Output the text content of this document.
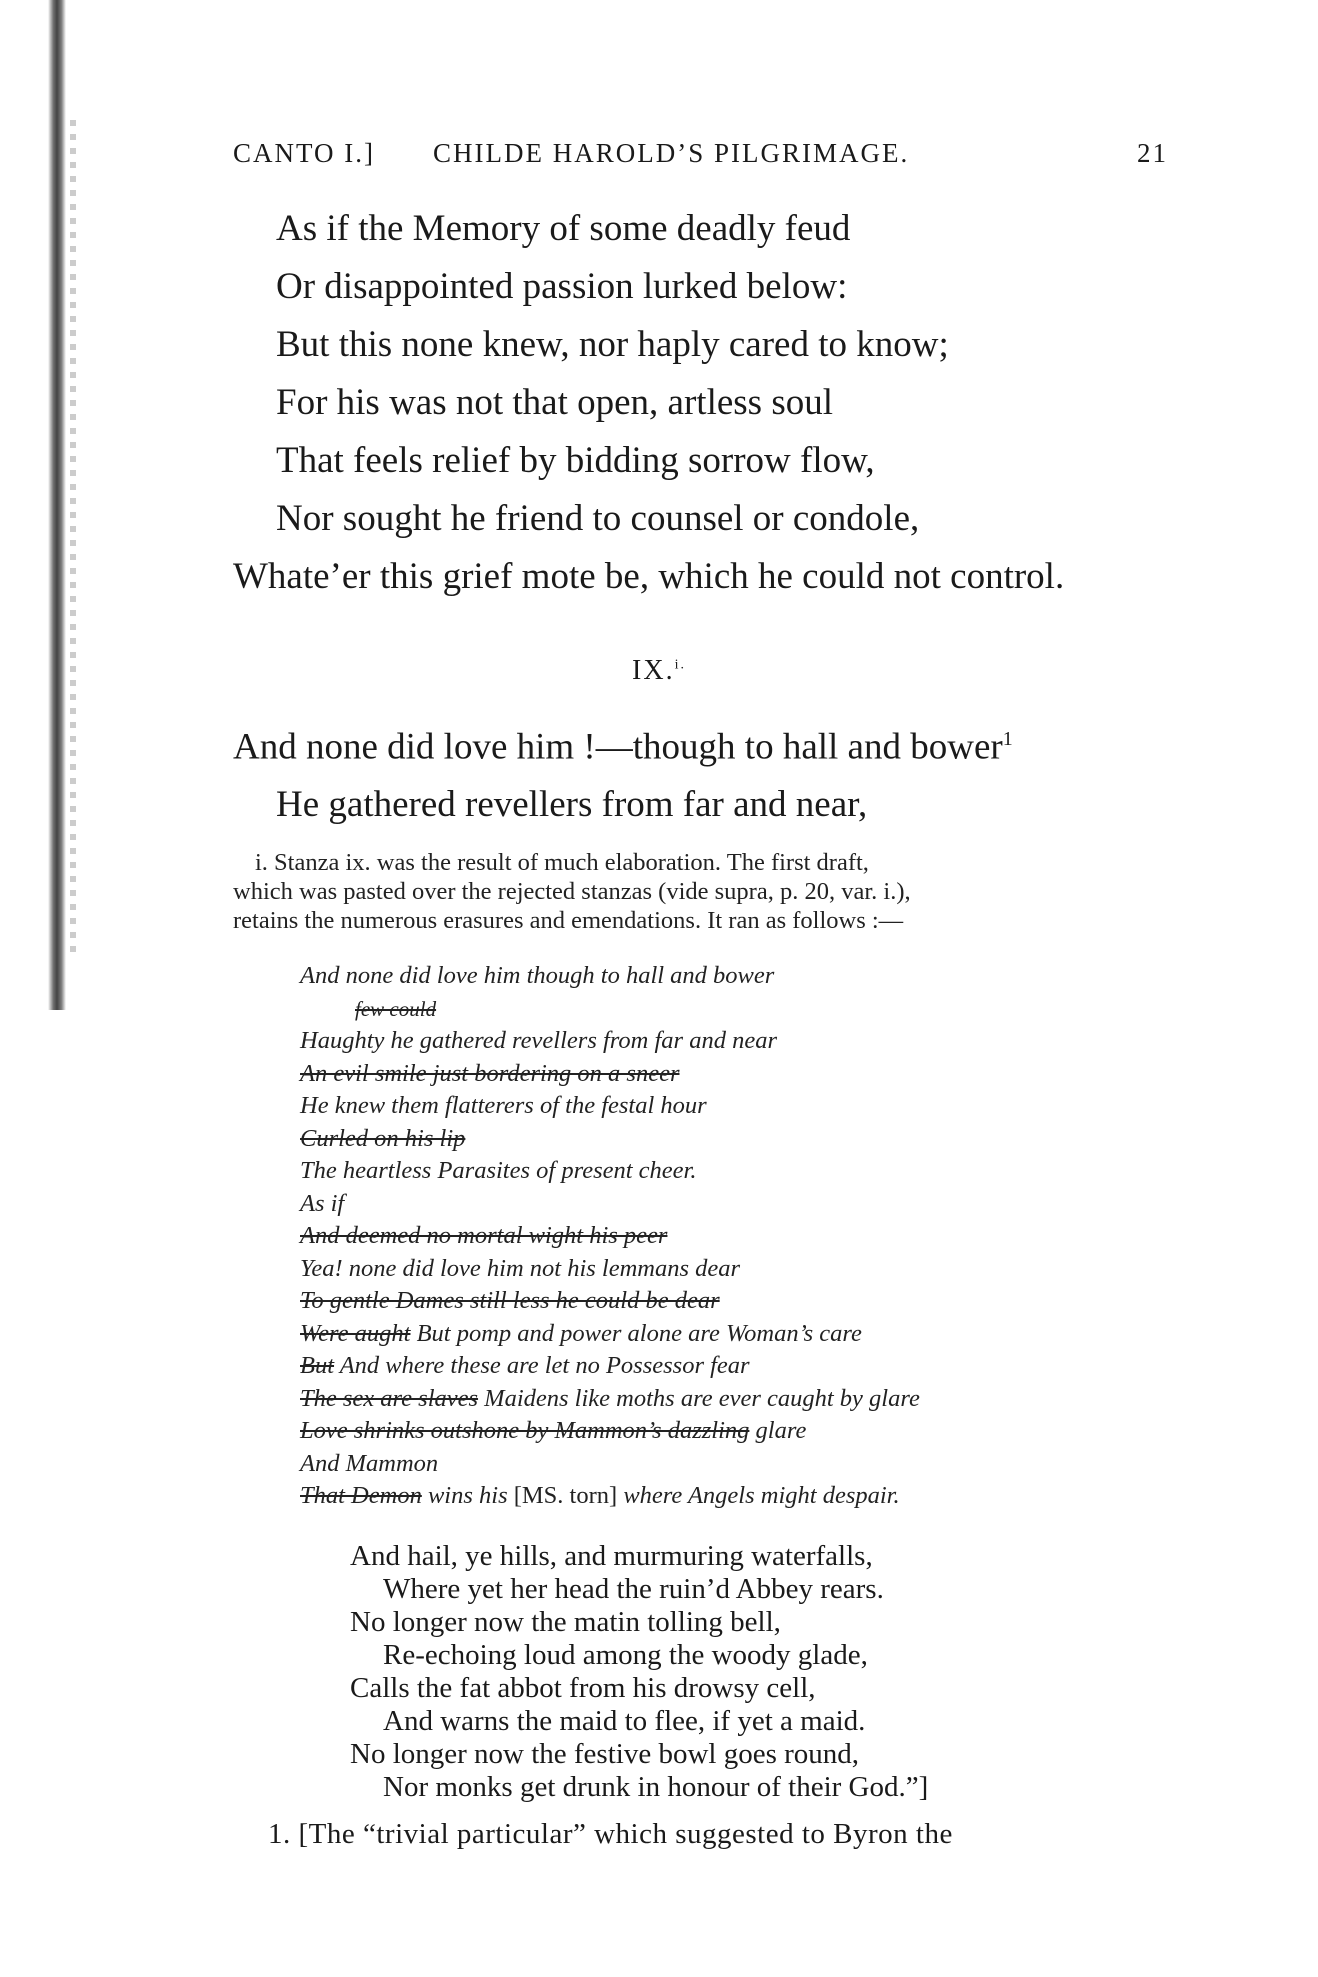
CANTO I.] CHILDE HAROLD’S PILGRIMAGE.	21
As if the Memory of some deadly feud
Or disappointed passion lurked below:
But this none knew, nor haply cared to know;
For his was not that open, artless soul
That feels relief by bidding sorrow flow,
Nor sought he friend to counsel or condole,
Whate’er this grief mote be, which he could not control.
IX.$^{i.}$
And none did love him !—though to hall and bower$^1$
He gathered revellers from far and near,
i. Stanza ix. was the result of much elaboration. The first draft,
which was pasted over the rejected stanzas (vide supra, p. 20, var. i.),
retains the numerous erasures and emendations. It ran as follows :—
And none did love him though to hall and bower
few could
Haughty he gathered revellers from far and near
An evil smile just bordering on a sneer
He knew them flatterers of the festal hour
Curled on his lip
The heartless Parasites of present cheer.
As if
And deemed no mortal wight his peer
Yea! none did love him not his lemmans dear
To gentle Dames still less he could be dear
Were aught But pomp and power alone are Woman’s care
But And where these are let no Possessor fear
The sex are slaves Maidens like moths are ever caught by glare
Love shrinks outshone by Mammon’s dazzling glare
And Mammon
That Demon wins his [MS. torn] where Angels might despair.
And hail, ye hills, and murmuring waterfalls,
Where yet her head the ruin’d Abbey rears.
No longer now the matin tolling bell,
Re-echoing loud among the woody glade,
Calls the fat abbot from his drowsy cell,
And warns the maid to flee, if yet a maid.
No longer now the festive bowl goes round,
Nor monks get drunk in honour of their God.”]
1. [The “trivial particular” which suggested to Byron the
